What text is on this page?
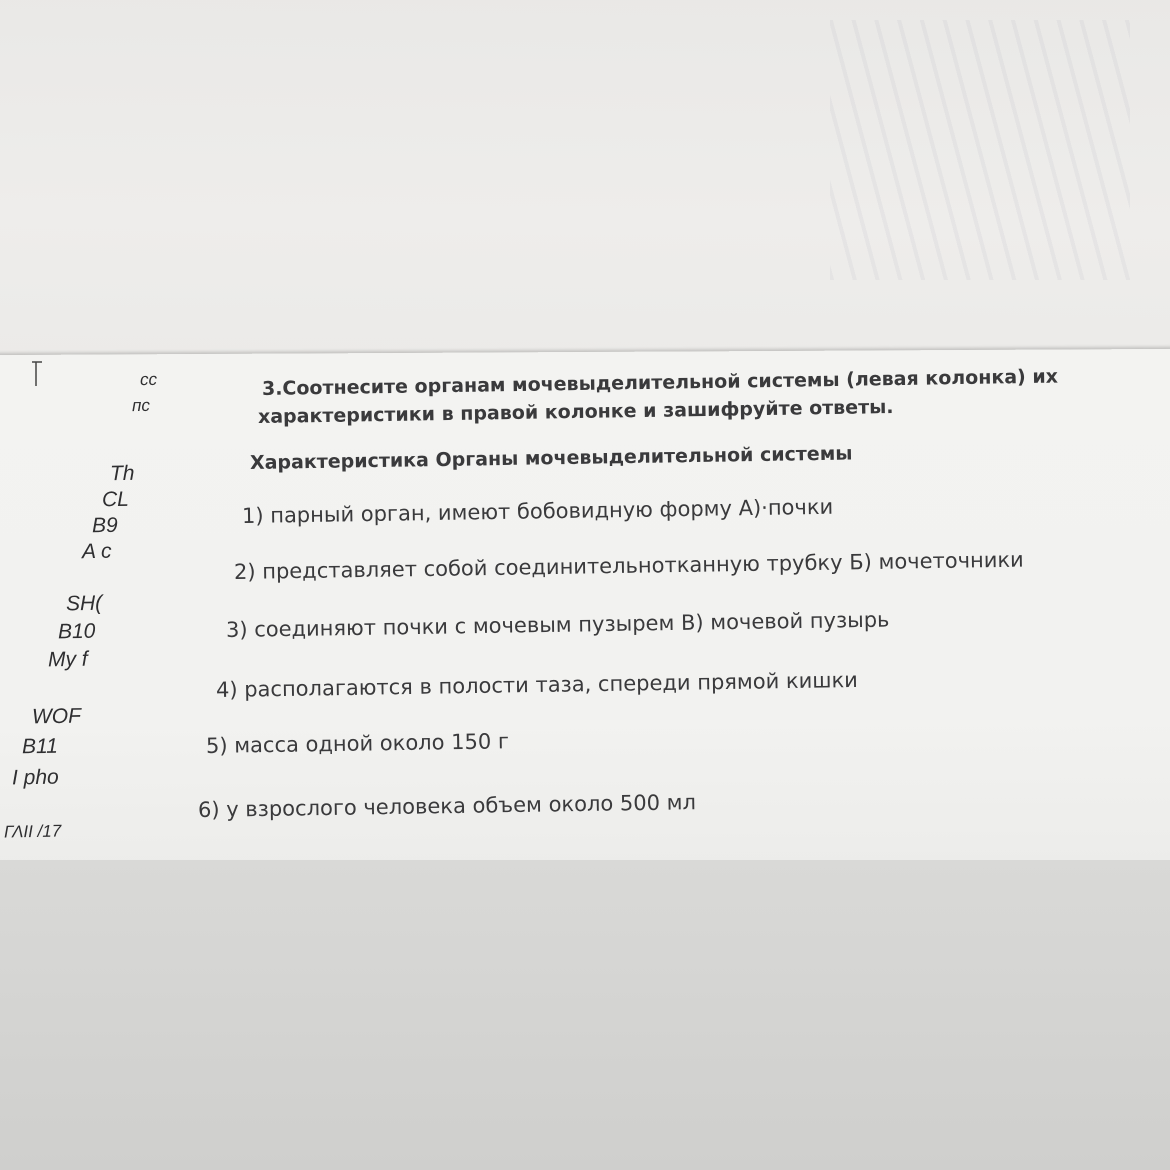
сс

пс

Th

CL

B9

A с

SH(

B10

My f

WOF

B11

I pho

ΓΛΙΙ /17

3.Соотнесите органам мочевыделительной системы (левая колонка) их

характеристики в правой колонке и зашифруйте ответы.

Характеристика Органы мочевыделительной системы

1) парный орган, имеют бобовидную форму А)·почки

2) представляет собой соединительнотканную трубку Б) мочеточники

3) соединяют почки с мочевым пузырем В) мочевой пузырь

4) располагаются в полости таза, спереди прямой кишки

5) масса одной около 150 г

6) у взрослого человека объем около 500 мл
